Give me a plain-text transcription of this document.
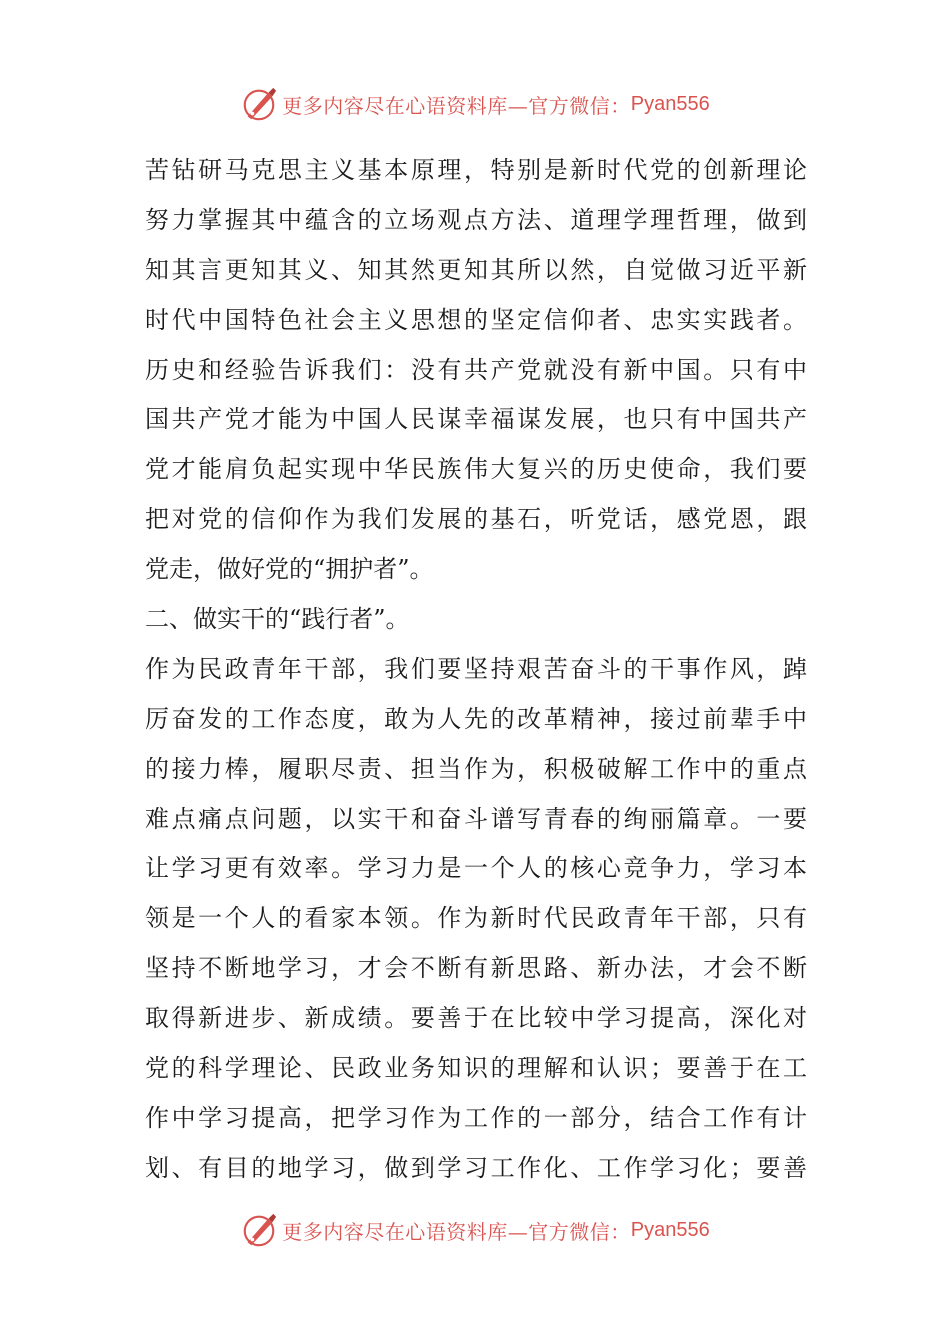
更多内容尽在心语资料库—官方微信： Pyan556
苦钻研马克思主义基本原理，特别是新时代党的创新理论
努力掌握其中蕴含的立场观点方法、道理学理哲理，做到
知其言更知其义、知其然更知其所以然，自觉做习近平新
时代中国特色社会主义思想的坚定信仰者、忠实实践者。
历史和经验告诉我们：没有共产党就没有新中国。只有中
国共产党才能为中国人民谋幸福谋发展，也只有中国共产
党才能肩负起实现中华民族伟大复兴的历史使命，我们要
把对党的信仰作为我们发展的基石，听党话，感党恩，跟
党走，做好党的“拥护者”。
二、做实干的“践行者”。
作为民政青年干部，我们要坚持艰苦奋斗的干事作风，踔
厉奋发的工作态度，敢为人先的改革精神，接过前辈手中
的接力棒，履职尽责、担当作为，积极破解工作中的重点
难点痛点问题，以实干和奋斗谱写青春的绚丽篇章。一要
让学习更有效率。学习力是一个人的核心竞争力，学习本
领是一个人的看家本领。作为新时代民政青年干部，只有
坚持不断地学习，才会不断有新思路、新办法，才会不断
取得新进步、新成绩。要善于在比较中学习提高，深化对
党的科学理论、民政业务知识的理解和认识；要善于在工
作中学习提高，把学习作为工作的一部分，结合工作有计
划、有目的地学习，做到学习工作化、工作学习化；要善
更多内容尽在心语资料库—官方微信： Pyan556
